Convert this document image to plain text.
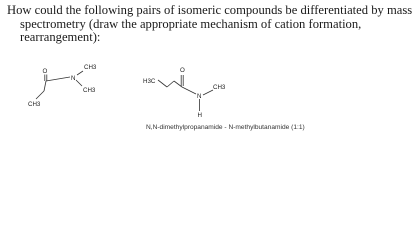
How could the following pairs of isomeric compounds be differentiated by mass
spectrometry (draw the appropriate mechanism of cation formation,
rearrangement):
O
N
CH3
CH3
CH3
H3C
O
N
H
CH3

N,N-dimethylpropanamide - N-methylbutanamide (1:1)
